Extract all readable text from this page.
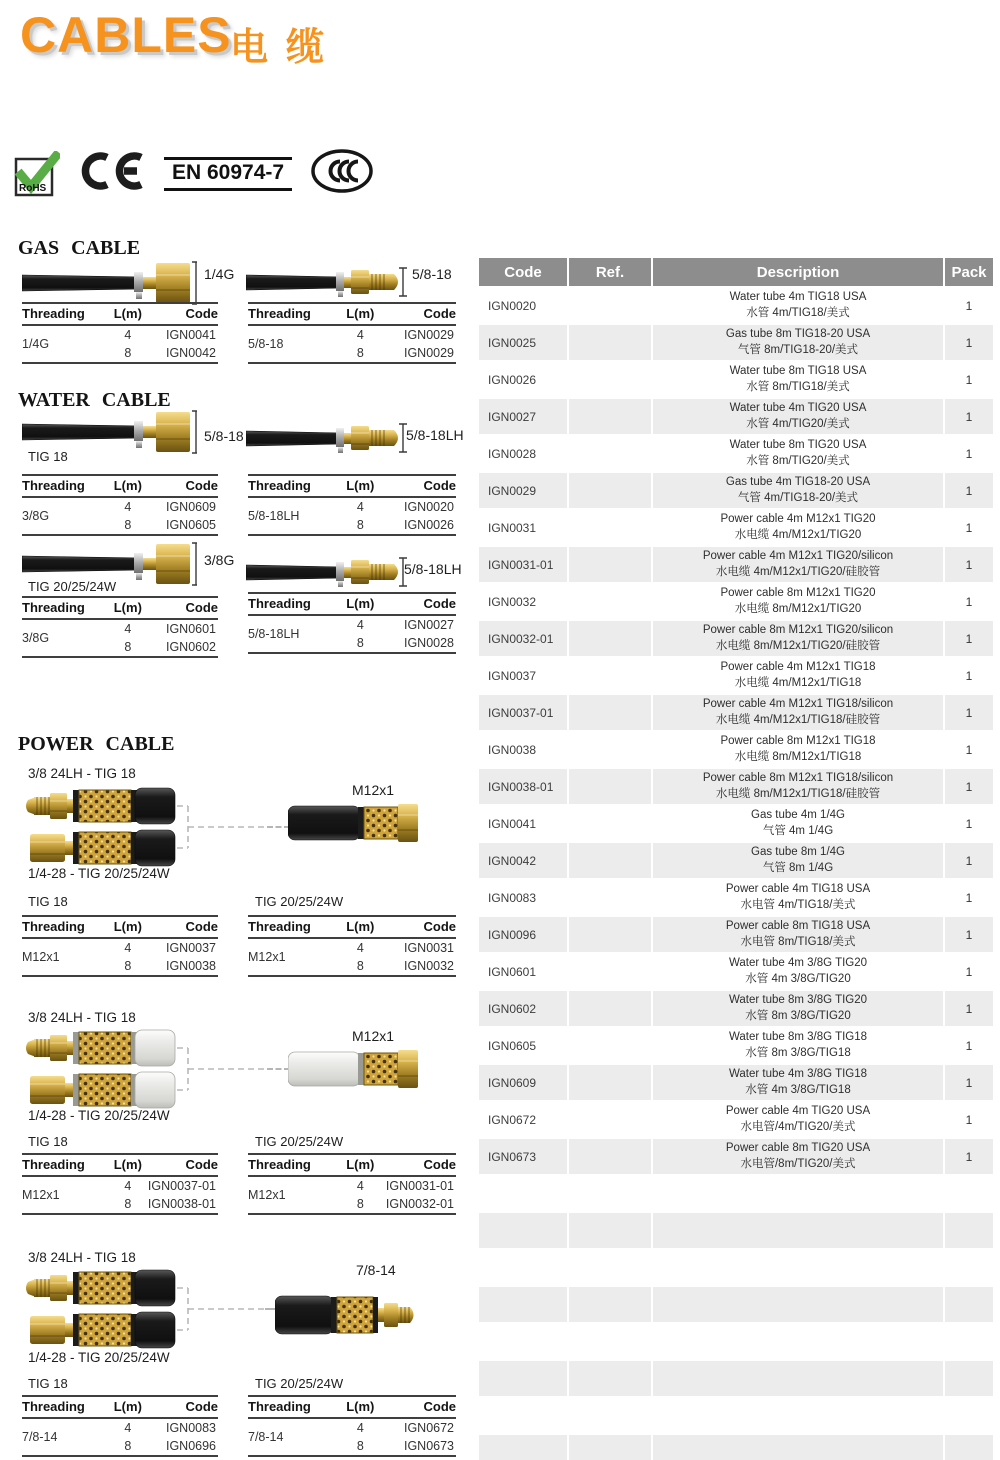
CABLES
电缆
RoHS
EN 60974-7
GAS CABLE
1/4G	5/8-18
Threading	L(m)	Code
1/4G	4	IGN0041
	8	IGN0042
Threading	L(m)	Code
5/8-18	4	IGN0029
	8	IGN0029
WATER CABLE
5/8-18
TIG 18
5/8-18LH
Threading	L(m)	Code
3/8G	4	IGN0609
	8	IGN0605
Threading	L(m)	Code
5/8-18LH	4	IGN0020
	8	IGN0026
3/8G
TIG 20/25/24W
5/8-18LH
Threading	L(m)	Code
3/8G	4	IGN0601
	8	IGN0602
Threading	L(m)	Code
5/8-18LH	4	IGN0027
	8	IGN0028
POWER CABLE
3/8 24LH - TIG 18
M12x1
1/4-28 - TIG 20/25/24W
TIG 18	TIG 20/25/24W
Threading	L(m)	Code
M12x1	4	IGN0037
	8	IGN0038
Threading	L(m)	Code
M12x1	4	IGN0031
	8	IGN0032
3/8 24LH - TIG 18
M12x1
1/4-28 - TIG 20/25/24W
TIG 18	TIG 20/25/24W
Threading	L(m)	Code
M12x1	4	IGN0037-01
	8	IGN0038-01
Threading	L(m)	Code
M12x1	4	IGN0031-01
	8	IGN0032-01
3/8 24LH - TIG 18
7/8-14
1/4-28 - TIG 20/25/24W
TIG 18	TIG 20/25/24W
Threading	L(m)	Code
7/8-14	4	IGN0083
	8	IGN0696
Threading	L(m)	Code
7/8-14	4	IGN0672
	8	IGN0673
Code	Ref.	Description	Pack
IGN0020		Water tube 4m TIG18 USA
水管 4m/TIG18/美式	1
IGN0025		Gas tube 8m TIG18-20 USA
气管 8m/TIG18-20/美式	1
IGN0026		Water tube 8m TIG18 USA
水管 8m/TIG18/美式	1
IGN0027		Water tube 4m TIG20 USA
水管 4m/TIG20/美式	1
IGN0028		Water tube 8m TIG20 USA
水管 8m/TIG20/美式	1
IGN0029		Gas tube 4m TIG18-20 USA
气管 4m/TIG18-20/美式	1
IGN0031		Power cable 4m M12x1 TIG20
水电缆 4m/M12x1/TIG20	1
IGN0031-01		Power cable 4m M12x1 TIG20/silicon
水电缆 4m/M12x1/TIG20/硅胶管	1
IGN0032		Power cable 8m M12x1 TIG20
水电缆 8m/M12x1/TIG20	1
IGN0032-01		Power cable 8m M12x1 TIG20/silicon
水电缆 8m/M12x1/TIG20/硅胶管	1
IGN0037		Power cable 4m M12x1 TIG18
水电缆 4m/M12x1/TIG18	1
IGN0037-01		Power cable 4m M12x1 TIG18/silicon
水电缆 4m/M12x1/TIG18/硅胶管	1
IGN0038		Power cable 8m M12x1 TIG18
水电缆 8m/M12x1/TIG18	1
IGN0038-01		Power cable 8m M12x1 TIG18/silicon
水电缆 8m/M12x1/TIG18/硅胶管	1
IGN0041		Gas tube 4m 1/4G
气管 4m 1/4G	1
IGN0042		Gas tube 8m 1/4G
气管 8m 1/4G	1
IGN0083		Power cable 4m TIG18 USA
水电管 4m/TIG18/美式	1
IGN0096		Power cable 8m TIG18 USA
水电管 8m/TIG18/美式	1
IGN0601		Water tube 4m 3/8G TIG20
水管 4m 3/8G/TIG20	1
IGN0602		Water tube 8m 3/8G TIG20
水管 8m 3/8G/TIG20	1
IGN0605		Water tube 8m 3/8G TIG18
水管 8m 3/8G/TIG18	1
IGN0609		Water tube 4m 3/8G TIG18
水管 4m 3/8G/TIG18	1
IGN0672		Power cable 4m TIG20 USA
水电管/4m/TIG20/美式	1
IGN0673		Power cable 8m TIG20 USA
水电管/8m/TIG20/美式	1
